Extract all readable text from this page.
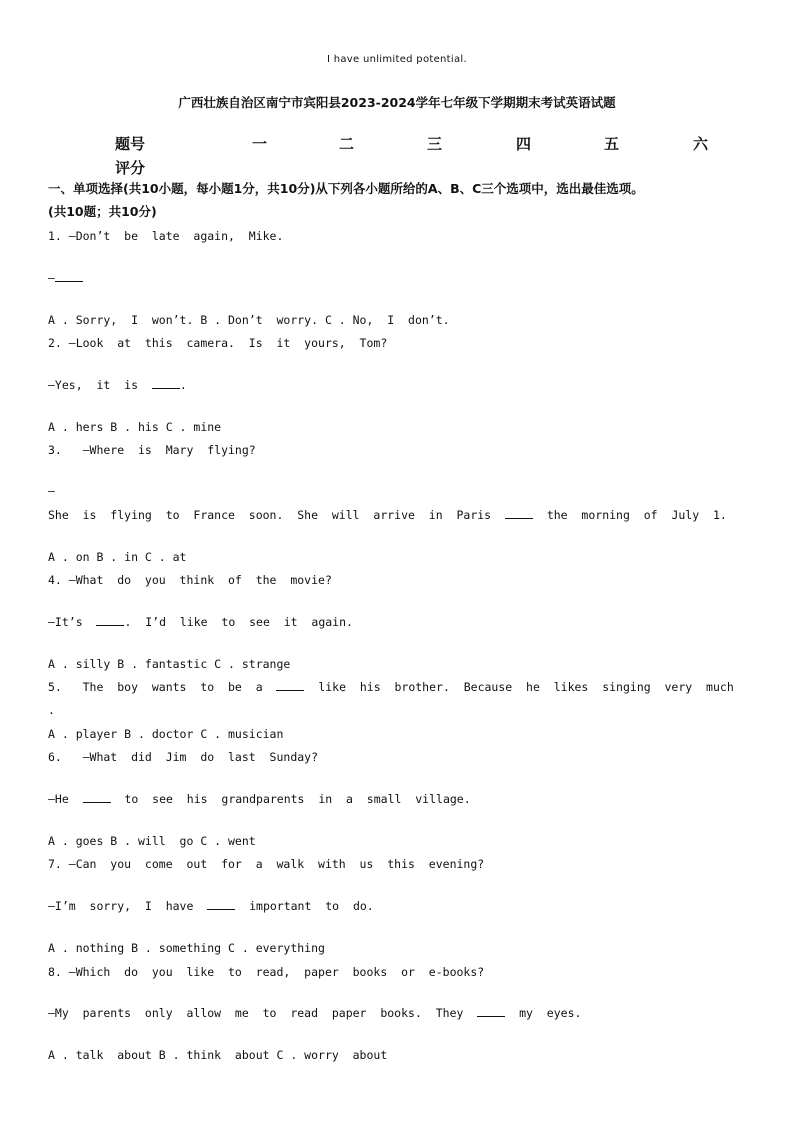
I have unlimited potential.
广西壮族自治区南宁市宾阳县2023-2024学年七年级下学期期末考试英语试题
题号	一	二	三	四	五	六
评分
一、单项选择(共10小题，每小题1分，共10分)从下列各小题所给的A、B、C三个选项中，选出最佳选项。
(共10题；共10分)
1. —Don’t  be  late  again,  Mike.
—
A . Sorry,  I  won’t. B . Don’t  worry. C . No,  I  don’t.
2. —Look  at  this  camera.  Is  it  yours,  Tom?
—Yes,  it  is  .
A . hers B . his C . mine
3.   —Where  is  Mary  flying?
—
She  is  flying  to  France  soon.  She  will  arrive  in  Paris    the  morning  of  July  1.
A . on B . in C . at
4. —What  do  you  think  of  the  movie?
—It’s  .  I’d  like  to  see  it  again.
A . silly B . fantastic C . strange
5.   The  boy  wants  to  be  a    like  his  brother.  Because  he  likes  singing  very  much
.
A . player B . doctor C . musician
6.   —What  did  Jim  do  last  Sunday?
—He    to  see  his  grandparents  in  a  small  village.
A . goes B . will  go C . went
7. —Can  you  come  out  for  a  walk  with  us  this  evening?
—I’m  sorry,  I  have    important  to  do.
A . nothing B . something C . everything
8. —Which  do  you  like  to  read,  paper  books  or  e-books?
—My  parents  only  allow  me  to  read  paper  books.  They    my  eyes.
A . talk  about B . think  about C . worry  about
